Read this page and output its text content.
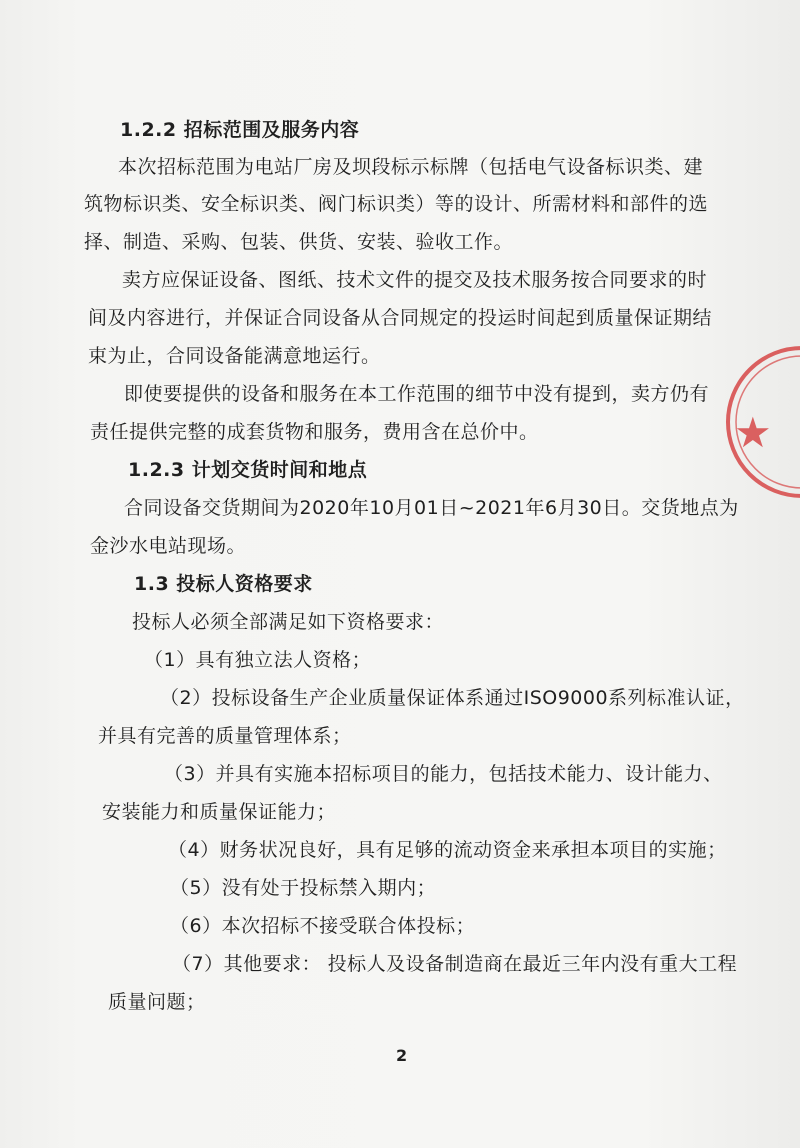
1.2.2 招标范围及服务内容
本次招标范围为电站厂房及坝段标示标牌（包括电气设备标识类、建
筑物标识类、安全标识类、阀门标识类）等的设计、所需材料和部件的选
择、制造、采购、包装、供货、安装、验收工作。
卖方应保证设备、图纸、技术文件的提交及技术服务按合同要求的时
间及内容进行，并保证合同设备从合同规定的投运时间起到质量保证期结
束为止，合同设备能满意地运行。
即使要提供的设备和服务在本工作范围的细节中没有提到，卖方仍有
责任提供完整的成套货物和服务，费用含在总价中。
1.2.3 计划交货时间和地点
合同设备交货期间为2020年10月01日~2021年6月30日。交货地点为
金沙水电站现场。
1.3 投标人资格要求
投标人必须全部满足如下资格要求：
（1）具有独立法人资格；
（2）投标设备生产企业质量保证体系通过ISO9000系列标准认证，
并具有完善的质量管理体系；
（3）并具有实施本招标项目的能力，包括技术能力、设计能力、
安装能力和质量保证能力；
（4）财务状况良好，具有足够的流动资金来承担本项目的实施；
（5）没有处于投标禁入期内；
（6）本次招标不接受联合体投标；
（7）其他要求： 投标人及设备制造商在最近三年内没有重大工程
质量问题；
2
★
